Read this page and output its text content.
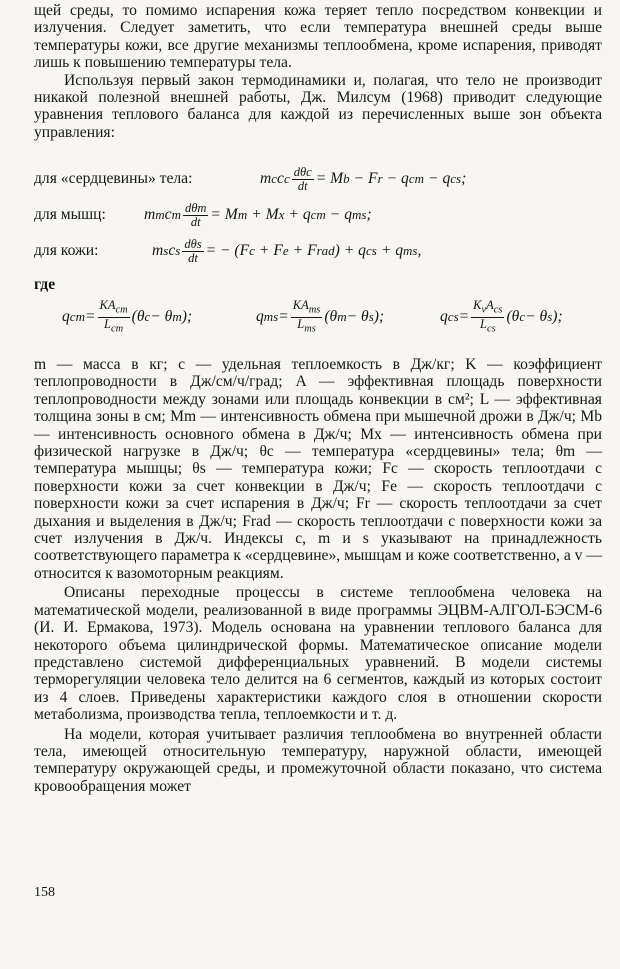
щей среды, то помимо испарения кожа теряет тепло посредством конвекции и излучения. Следует заметить, что если температура внешней среды выше температуры кожи, все другие механизмы теплообмена, кроме испарения, приводят лишь к повышению температуры тела.

Используя первый закон термодинамики и, полагая, что тело не производит никакой полезной внешней работы, Дж. Милсум (1968) приводит следующие уравнения теплового баланса для каждой из перечисленных выше зон объекта управления:

для «сердцевины» тела:	m c c c $\frac{\text{dθc}}{dt} = M$ b − F r − q cm − q cs ;
для мышц: m m c m $\frac{\text{dθm}}{dt} = M$ m + M x + q cm − q ms ;
для кожи:	m s c s $\frac{\text{dθs}}{dt}$ = − (F c + F e + F rad ) + q cs + q ms ,
где
q cm = $\frac{KA_{cm}}{L_{cm}} (\theta$ c − θ m );	q ms = $\frac{KA_{ms}}{L_{ms}} (\theta$ m − θ s );	q cs = $\frac{K_vA_{cs}}{L_{cs}} (\theta$ c − θ s );

m — масса в кг; c — удельная теплоемкость в Дж/кг; K — коэффициент теплопроводности в Дж/см/ч/град; A — эффективная площадь поверхности теплопроводности между зонами или площадь конвекции в см²; L — эффективная толщина зоны в см; Mm — интенсивность обмена при мышечной дрожи в Дж/ч; Mb — интенсивность основного обмена в Дж/ч; Mx — интенсивность обмена при физической нагрузке в Дж/ч; θc — температура «сердцевины» тела; θm — температура мышцы; θs — температура кожи; Fc — скорость теплоотдачи с поверхности кожи за счет конвекции в Дж/ч; Fe — скорость теплоотдачи с поверхности кожи за счет испарения в Дж/ч; Fr — скорость теплоотдачи за счет дыхания и выделения в Дж/ч; Frad — скорость теплоотдачи с поверхности кожи за счет излучения в Дж/ч. Индексы c, m и s указывают на принадлежность соответствующего параметра к «сердцевине», мышцам и коже соответственно, а v — относится к вазомоторным реакциям.

Описаны переходные процессы в системе теплообмена человека на математической модели, реализованной в виде программы ЭЦВМ-АЛГОЛ-БЭСМ-6 (И. И. Ермакова, 1973). Модель основана на уравнении теплового баланса для некоторого объема цилиндрической формы. Математическое описание модели представлено системой дифференциальных уравнений. В модели системы терморегуляции человека тело делится на 6 сегментов, каждый из которых состоит из 4 слоев. Приведены характеристики каждого слоя в отношении скорости метаболизма, производства тепла, теплоемкости и т. д.

На модели, которая учитывает различия теплообмена во внутренней области тела, имеющей относительную температуру, наружной области, имеющей температуру окружающей среды, и промежуточной области показано, что система кровообращения может

158
